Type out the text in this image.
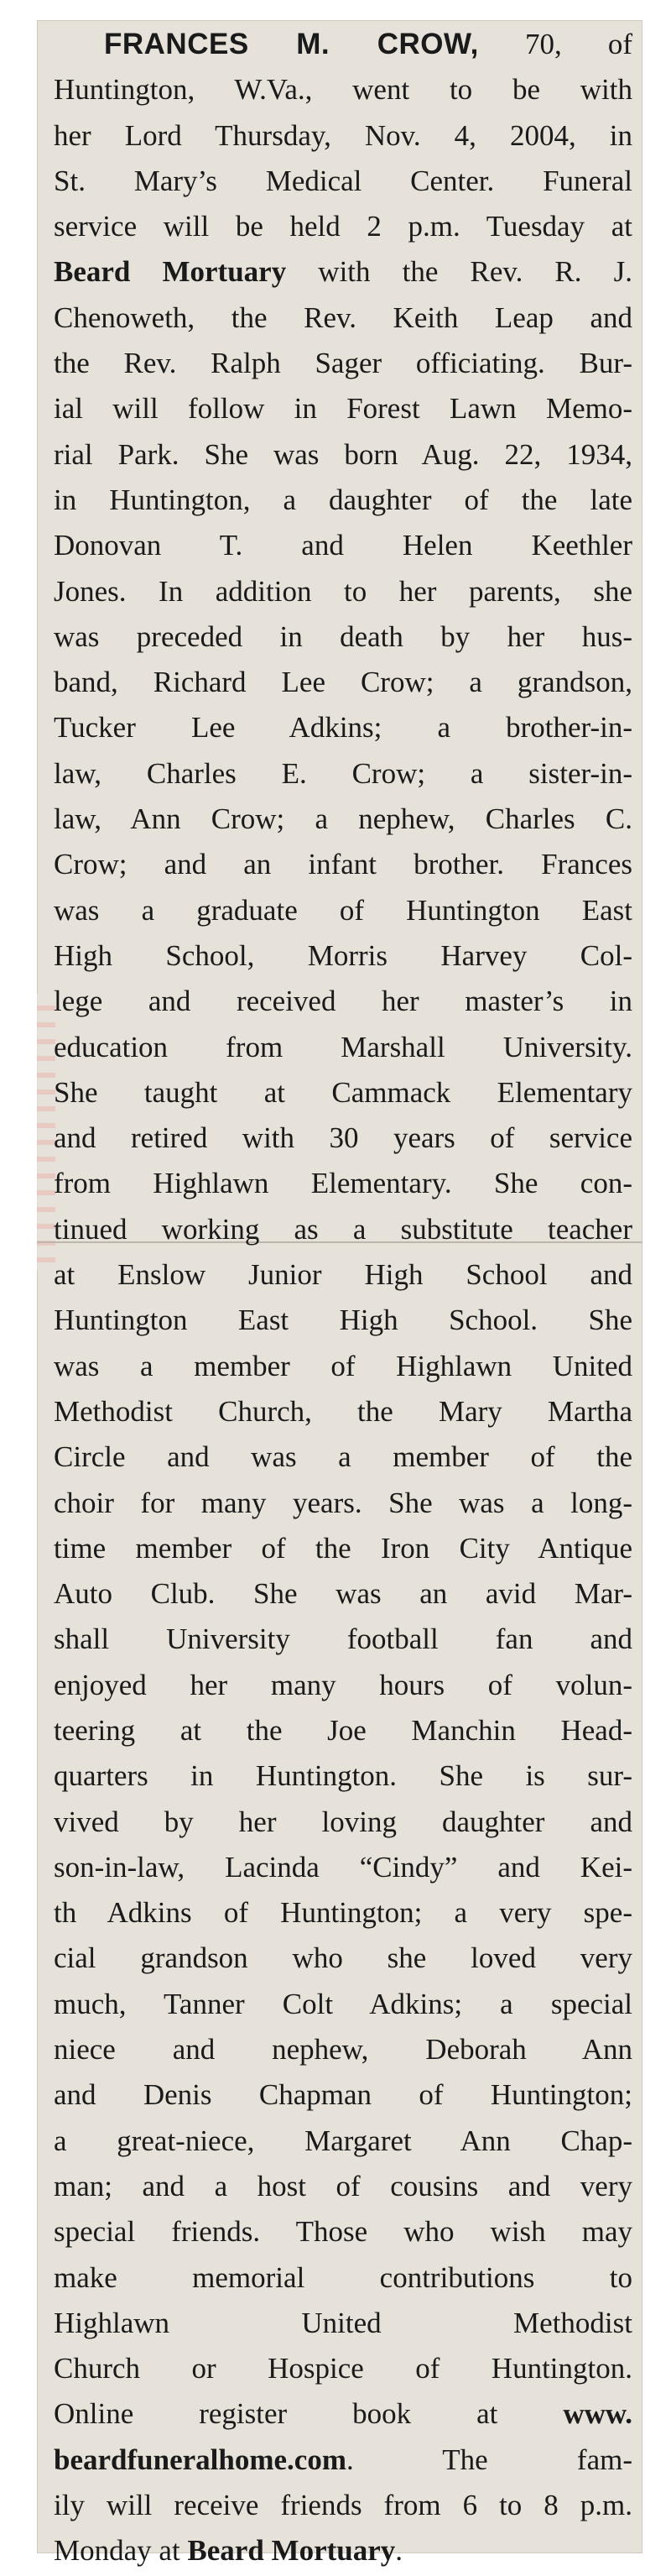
FRANCES M. CROW, 70, of
Huntington, W.Va., went to be with
her Lord Thursday, Nov. 4, 2004, in
St. Mary’s Medical Center. Funeral
service will be held 2 p.m. Tuesday at
Beard Mortuary with the Rev. R. J.
Chenoweth, the Rev. Keith Leap and
the Rev. Ralph Sager officiating. Bur-
ial will follow in Forest Lawn Memo-
rial Park. She was born Aug. 22, 1934,
in Huntington, a daughter of the late
Donovan T. and Helen Keethler
Jones. In addition to her parents, she
was preceded in death by her hus-
band, Richard Lee Crow; a grandson,
Tucker Lee Adkins; a brother-in-
law, Charles E. Crow; a sister-in-
law, Ann Crow; a nephew, Charles C.
Crow; and an infant brother. Frances
was a graduate of Huntington East
High School, Morris Harvey Col-
lege and received her master’s in
education from Marshall University.
She taught at Cammack Elementary
and retired with 30 years of service
from Highlawn Elementary. She con-
tinued working as a substitute teacher
at Enslow Junior High School and
Huntington East High School. She
was a member of Highlawn United
Methodist Church, the Mary Martha
Circle and was a member of the
choir for many years. She was a long-
time member of the Iron City Antique
Auto Club. She was an avid Mar-
shall University football fan and
enjoyed her many hours of volun-
teering at the Joe Manchin Head-
quarters in Huntington. She is sur-
vived by her loving daughter and
son-in-law, Lacinda “Cindy” and Kei-
th Adkins of Huntington; a very spe-
cial grandson who she loved very
much, Tanner Colt Adkins; a special
niece and nephew, Deborah Ann
and Denis Chapman of Huntington;
a great-niece, Margaret Ann Chap-
man; and a host of cousins and very
special friends. Those who wish may
make memorial contributions to
Highlawn United Methodist
Church or Hospice of Huntington.
Online register book at www.
beardfuneralhome.com. The fam-
ily will receive friends from 6 to 8 p.m.
Monday at Beard Mortuary.
